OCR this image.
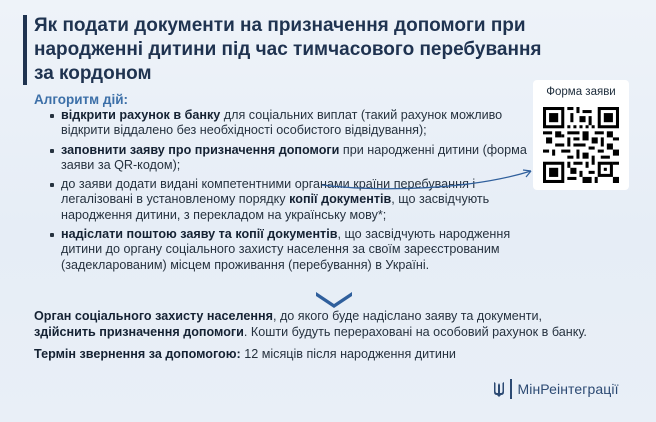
Як подати документи на призначення допомоги при народженні дитини під час тимчасового перебування за кордоном
Форма заяви
Алгоритм дій:
відкрити рахунок в банку для соціальних виплат (такий рахунок можливо відкрити віддалено без необхідності особистого відвідування);
заповнити заяву про призначення допомоги при народженні дитини (форма заяви за QR-кодом);
до заяви додати видані компетентними органами країни перебування і легалізовані в установленому порядку копії документів, що засвідчують народження дитини, з перекладом на українську мову*;
надіслати поштою заяву та копії документів, що засвідчують народження дитини до органу соціального захисту населення за своїм зареєстрованим (задекларованим) місцем проживання (перебування) в Україні.

Орган соціального захисту населення, до якого буде надіслано заяву та документи, здійснить призначення допомоги. Кошти будуть перераховані на особовий рахунок в банку.

Термін звернення за допомогою: 12 місяців після народження дитини

МінРеінтеграції
